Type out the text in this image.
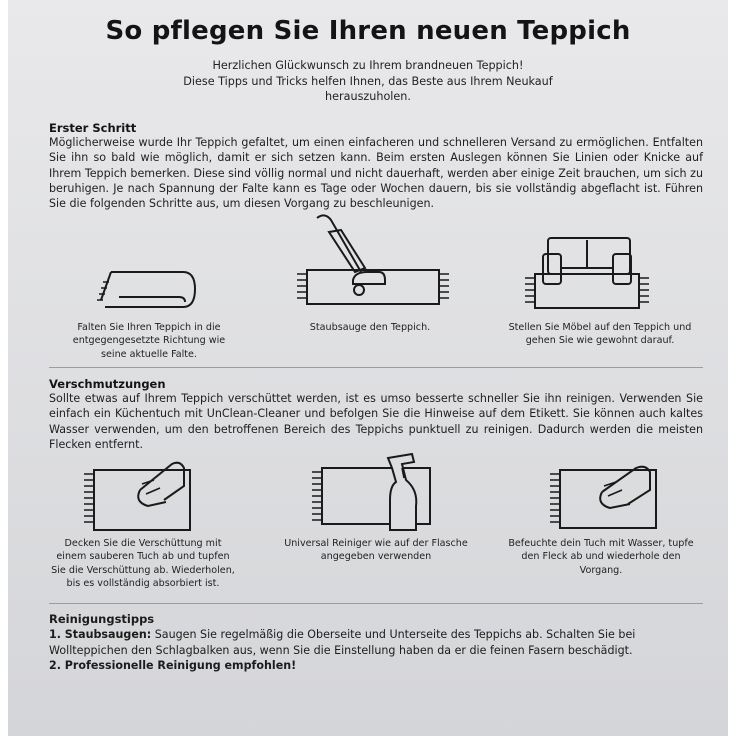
So pflegen Sie Ihren neuen Teppich
Herzlichen Glückwunsch zu Ihrem brandneuen Teppich!
Diese Tipps und Tricks helfen Ihnen, das Beste aus Ihrem Neukauf
herauszuholen.
Erster Schritt

Möglicherweise wurde Ihr Teppich gefaltet, um einen einfacheren und schnelleren Versand zu ermöglichen. Entfalten Sie ihn so bald wie möglich, damit er sich setzen kann. Beim ersten Auslegen können Sie Linien oder Knicke auf Ihrem Teppich bemerken. Diese sind völlig normal und nicht dauerhaft, werden aber einige Zeit brauchen, um sich zu beruhigen. Je nach Spannung der Falte kann es Tage oder Wochen dauern, bis sie vollständig abgeflacht ist. Führen Sie die folgenden Schritte aus, um diesen Vorgang zu beschleunigen.

Falten Sie Ihren Teppich in die entgegengesetzte Richtung wie seine aktuelle Falte.
Staubsauge den Teppich.	Stellen Sie Möbel auf den Teppich und gehen Sie wie gewohnt darauf.
Verschmutzungen

Sollte etwas auf Ihrem Teppich verschüttet werden, ist es umso besserte schneller Sie ihn reinigen. Verwenden Sie einfach ein Küchentuch mit UnClean-Cleaner und befolgen Sie die Hinweise auf dem Etikett. Sie können auch kaltes Wasser verwenden, um den betroffenen Bereich des Teppichs punktuell zu reinigen. Dadurch werden die meisten Flecken entfernt.

Decken Sie die Verschüttung mit einem sauberen Tuch ab und tupfen Sie die Verschüttung ab. Wiederholen, bis es vollständig absorbiert ist.
Universal Reiniger wie auf der Flasche angegeben verwenden
Befeuchte dein Tuch mit Wasser, tupfe den Fleck ab und wiederhole den Vorgang.
Reinigungstipps
1. Staubsaugen: Saugen Sie regelmäßig die Oberseite und Unterseite des Teppichs ab. Schalten Sie bei Wollteppichen den Schlagbalken aus, wenn Sie die Einstellung haben da er die feinen Fasern beschädigt.
2. Professionelle Reinigung empfohlen!
